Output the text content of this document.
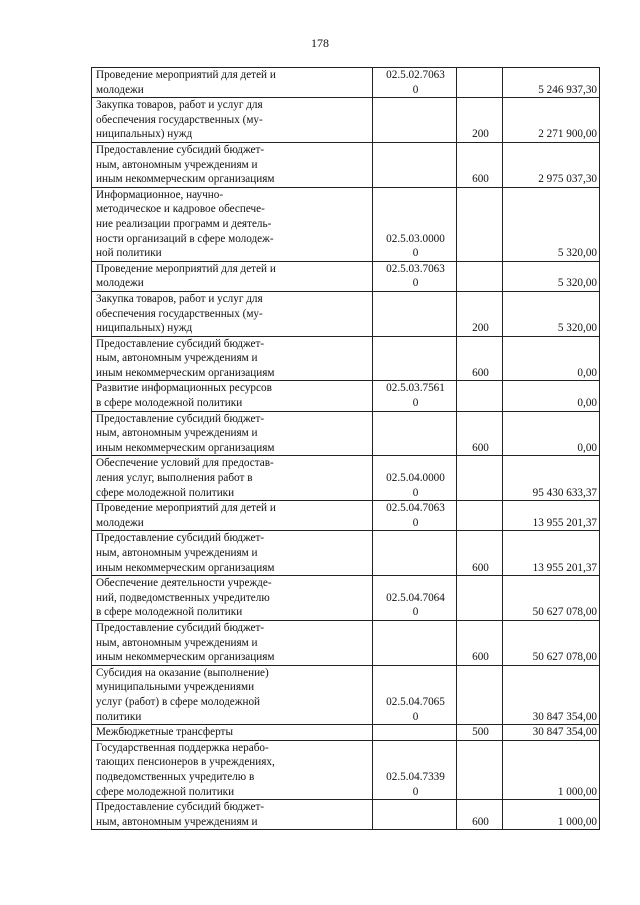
178
Проведение мероприятий для детей и
молодежи	02.5.02.7063
0		5 246 937,30

Закупка товаров, работ и услуг для
обеспечения государственных (му-
ниципальных) нужд		200	2 271 900,00

Предоставление субсидий бюджет-
ным, автономным учреждениям и
иным некоммерческим организациям		600	2 975 037,30

Информационное, научно-
методическое и кадровое обеспече-
ние реализации программ и деятель-
ности организаций в сфере молодеж-
ной политики	02.5.03.0000
0		5 320,00

Проведение мероприятий для детей и
молодежи	02.5.03.7063
0		5 320,00

Закупка товаров, работ и услуг для
обеспечения государственных (му-
ниципальных) нужд		200	5 320,00

Предоставление субсидий бюджет-
ным, автономным учреждениям и
иным некоммерческим организациям		600	0,00

Развитие информационных ресурсов
в сфере молодежной политики	02.5.03.7561
0		0,00

Предоставление субсидий бюджет-
ным, автономным учреждениям и
иным некоммерческим организациям		600	0,00

Обеспечение условий для предостав-
ления услуг, выполнения работ в
сфере молодежной политики	02.5.04.0000
0		95 430 633,37

Проведение мероприятий для детей и
молодежи	02.5.04.7063
0		13 955 201,37

Предоставление субсидий бюджет-
ным, автономным учреждениям и
иным некоммерческим организациям		600	13 955 201,37

Обеспечение деятельности учрежде-
ний, подведомственных учредителю
в сфере молодежной политики	02.5.04.7064
0		50 627 078,00

Предоставление субсидий бюджет-
ным, автономным учреждениям и
иным некоммерческим организациям		600	50 627 078,00

Субсидия на оказание (выполнение)
муниципальными учреждениями
услуг (работ) в сфере молодежной
политики	02.5.04.7065
0		30 847 354,00

Межбюджетные трансферты		500	30 847 354,00

Государственная поддержка нерабо-
тающих пенсионеров в учреждениях,
подведомственных учредителю в
сфере молодежной политики	02.5.04.7339
0		1 000,00

Предоставление субсидий бюджет-
ным, автономным учреждениям и		600	1 000,00
